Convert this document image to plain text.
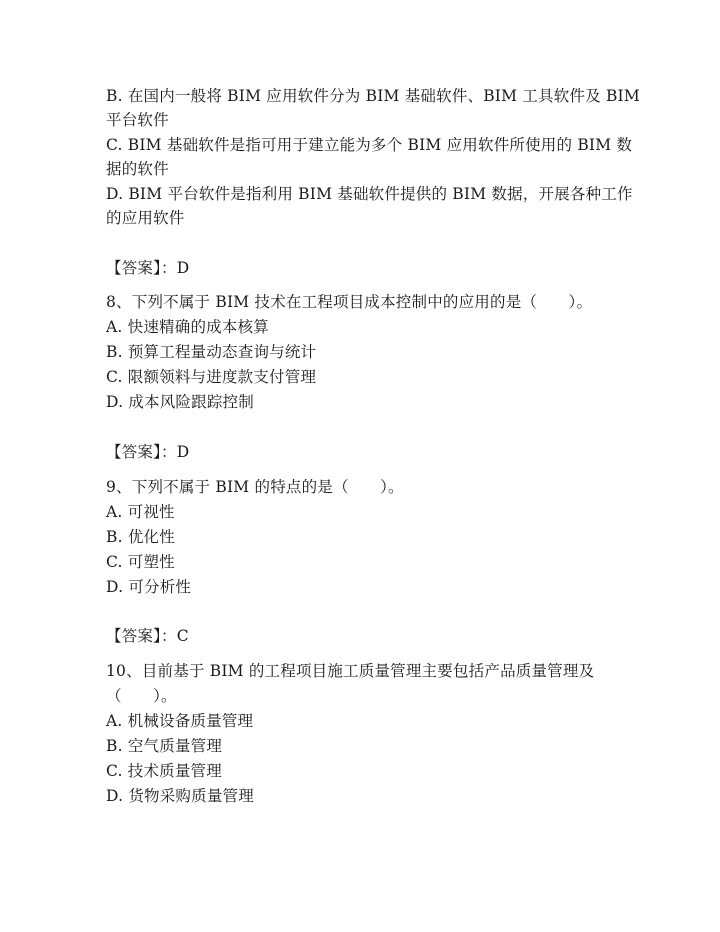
B. 在国内一般将 BIM 应用软件分为 BIM 基础软件、BIM 工具软件及 BIM
平台软件
C. BIM 基础软件是指可用于建立能为多个 BIM 应用软件所使用的 BIM 数
据的软件
D. BIM 平台软件是指利用 BIM 基础软件提供的 BIM 数据，开展各种工作
的应用软件
【答案】：D
8、下列不属于 BIM 技术在工程项目成本控制中的应用的是（　　）。
A. 快速精确的成本核算
B. 预算工程量动态查询与统计
C. 限额领料与进度款支付管理
D. 成本风险跟踪控制
【答案】：D
9、下列不属于 BIM 的特点的是（　　）。
A. 可视性
B. 优化性
C. 可塑性
D. 可分析性
【答案】：C
10、目前基于 BIM 的工程项目施工质量管理主要包括产品质量管理及
（　　）。
A. 机械设备质量管理
B. 空气质量管理
C. 技术质量管理
D. 货物采购质量管理
